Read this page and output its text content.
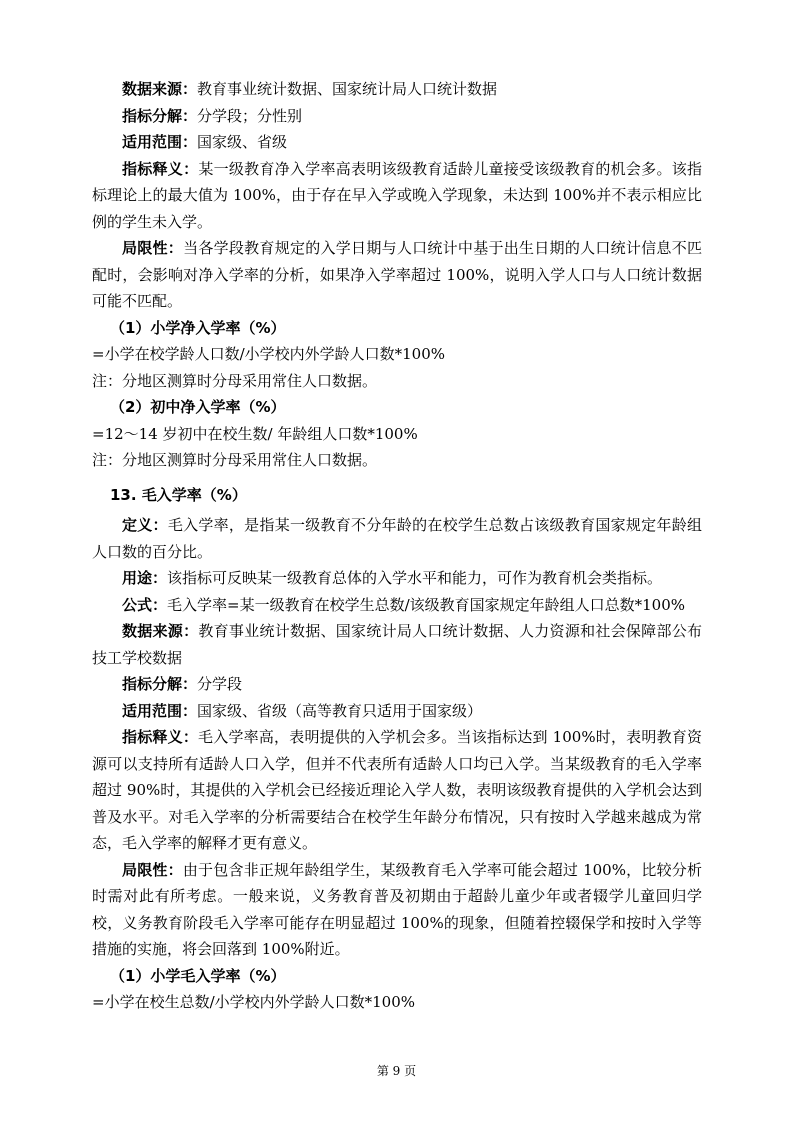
数据来源：教育事业统计数据、国家统计局人口统计数据

指标分解：分学段；分性别

适用范围：国家级、省级

指标释义：某一级教育净入学率高表明该级教育适龄儿童接受该级教育的机会多。该指标理论上的最大值为 100%，由于存在早入学或晚入学现象，未达到 100%并不表示相应比例的学生未入学。

局限性：当各学段教育规定的入学日期与人口统计中基于出生日期的人口统计信息不匹配时，会影响对净入学率的分析，如果净入学率超过 100%，说明入学人口与人口统计数据可能不匹配。

（1）小学净入学率（%）

=小学在校学龄人口数/小学校内外学龄人口数*100%

注：分地区测算时分母采用常住人口数据。

（2）初中净入学率（%）

=12～14 岁初中在校生数/ 年龄组人口数*100%

注：分地区测算时分母采用常住人口数据。

13. 毛入学率（%）

定义：毛入学率，是指某一级教育不分年龄的在校学生总数占该级教育国家规定年龄组人口数的百分比。

用途：该指标可反映某一级教育总体的入学水平和能力，可作为教育机会类指标。

公式：毛入学率=某一级教育在校学生总数/该级教育国家规定年龄组人口总数*100%

数据来源：教育事业统计数据、国家统计局人口统计数据、人力资源和社会保障部公布技工学校数据

指标分解：分学段

适用范围：国家级、省级（高等教育只适用于国家级）

指标释义：毛入学率高，表明提供的入学机会多。当该指标达到 100%时，表明教育资源可以支持所有适龄人口入学，但并不代表所有适龄人口均已入学。当某级教育的毛入学率超过 90%时，其提供的入学机会已经接近理论入学人数，表明该级教育提供的入学机会达到普及水平。对毛入学率的分析需要结合在校学生年龄分布情况，只有按时入学越来越成为常态，毛入学率的解释才更有意义。

局限性：由于包含非正规年龄组学生，某级教育毛入学率可能会超过 100%，比较分析时需对此有所考虑。一般来说，义务教育普及初期由于超龄儿童少年或者辍学儿童回归学校，义务教育阶段毛入学率可能存在明显超过 100%的现象，但随着控辍保学和按时入学等措施的实施，将会回落到 100%附近。

（1）小学毛入学率（%）

=小学在校生总数/小学校内外学龄人口数*100%

第 9 页
